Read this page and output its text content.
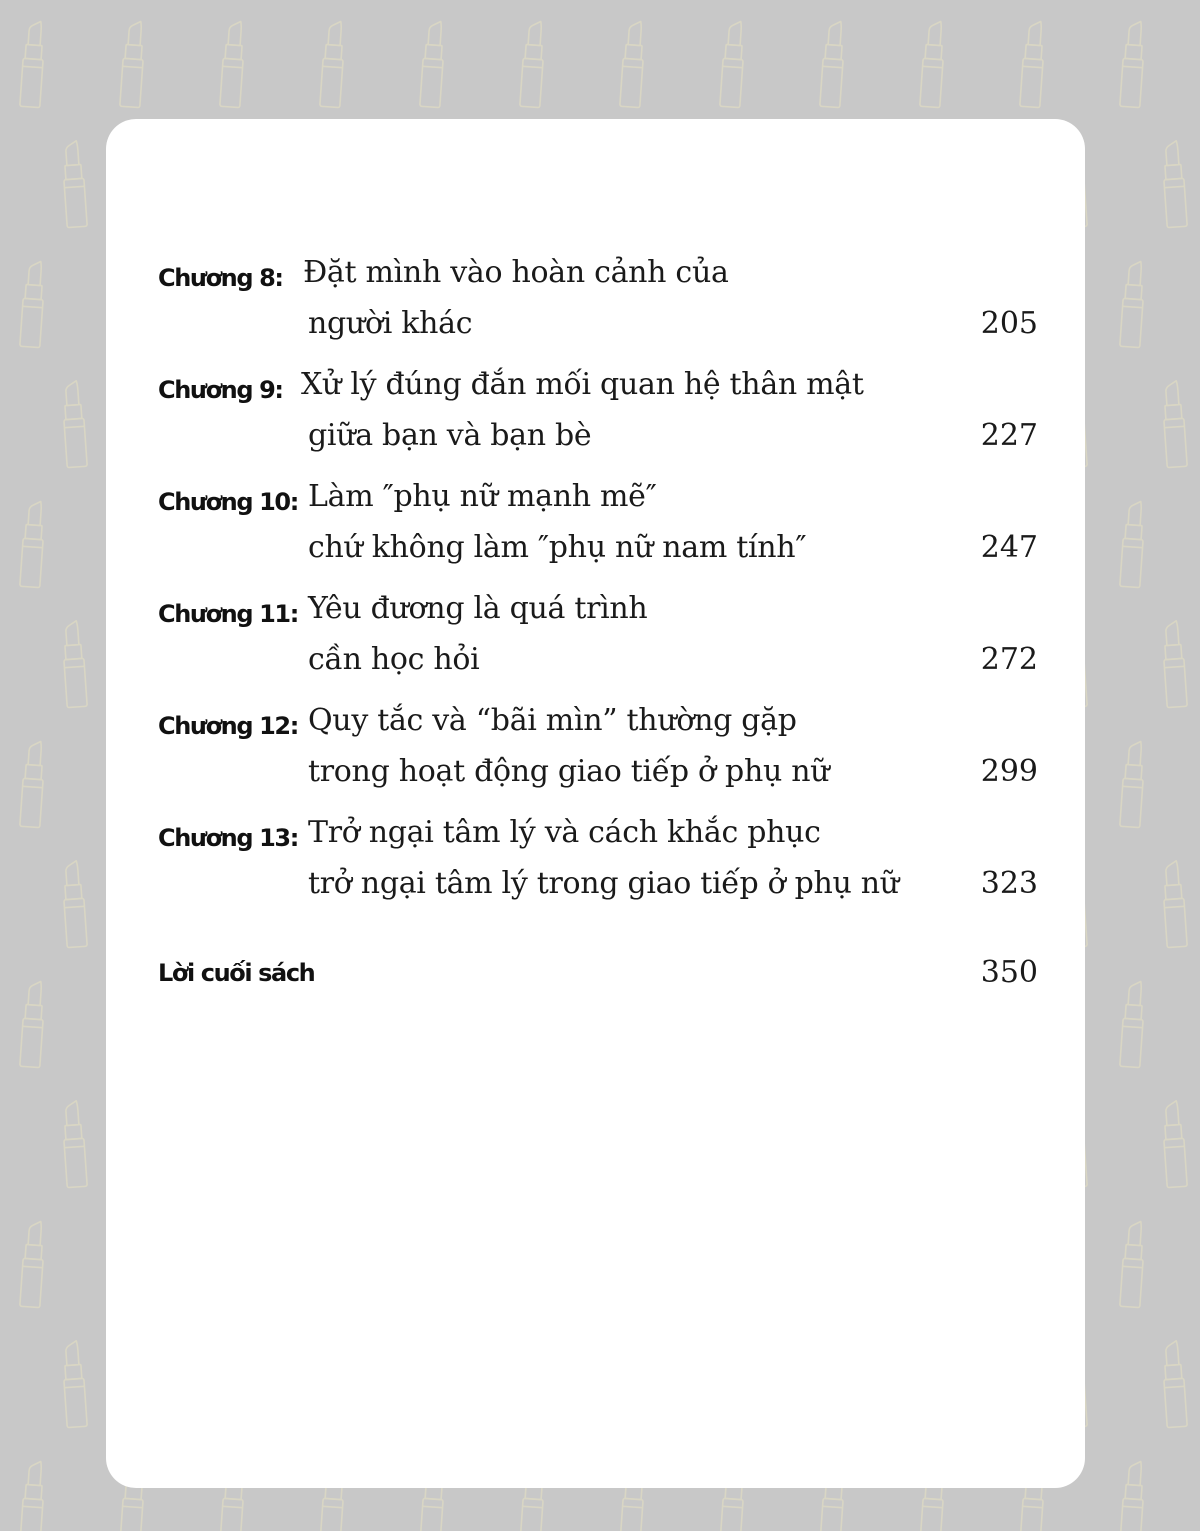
Chương 8: Đặt mình vào hoàn cảnh của
người khác	205
Chương 9: Xử lý đúng đắn mối quan hệ thân mật
giữa bạn và bạn bè	227
Chương 10: Làm ″phụ nữ mạnh mẽ″
chứ không làm ″phụ nữ nam tính″	247
Chương 11: Yêu đương là quá trình
cần học hỏi	272
Chương 12: Quy tắc và “bãi mìn” thường gặp
trong hoạt động giao tiếp ở phụ nữ	299
Chương 13: Trở ngại tâm lý và cách khắc phục
trở ngại tâm lý trong giao tiếp ở phụ nữ	323
Lời cuối sách	350
